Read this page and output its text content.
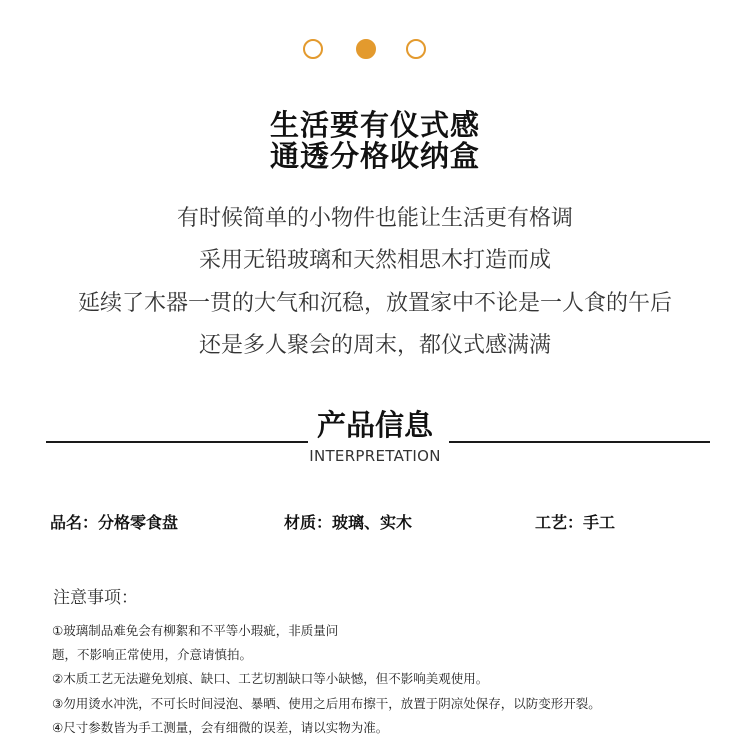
生活要有仪式感
通透分格收纳盒
有时候简单的小物件也能让生活更有格调
采用无铅玻璃和天然相思木打造而成
延续了木器一贯的大气和沉稳，放置家中不论是一人食的午后
还是多人聚会的周末，都仪式感满满
产品信息
INTERPRETATION
品名：分格零食盘	材质：玻璃、实木	工艺：手工
注意事项：
①玻璃制品难免会有柳絮和不平等小瑕疵，非质量问
题，不影响正常使用，介意请慎拍。
②木质工艺无法避免划痕、缺口、工艺切割缺口等小缺憾，但不影响美观使用。
③勿用烫水冲洗，不可长时间浸泡、暴晒、使用之后用布擦干，放置于阴凉处保存，以防变形开裂。
④尺寸参数皆为手工测量，会有细微的误差，请以实物为准。
